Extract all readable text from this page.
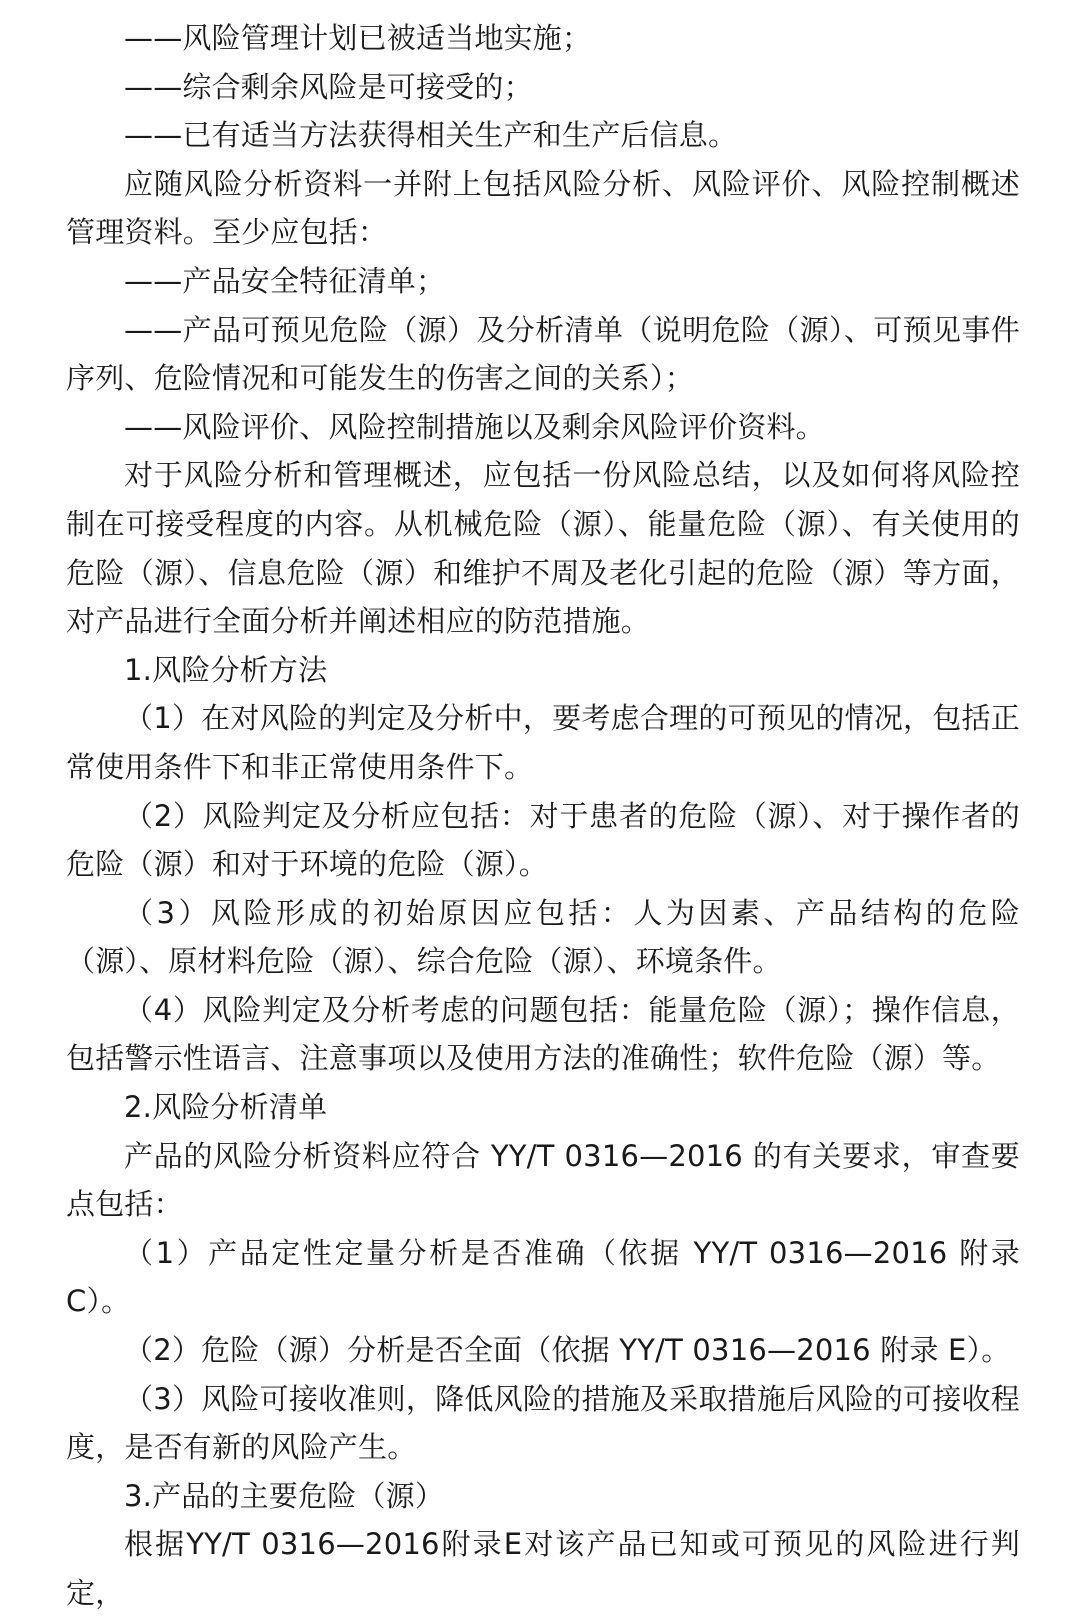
——风险管理计划已被适当地实施；

——综合剩余风险是可接受的；

——已有适当方法获得相关生产和生产后信息。

应随风险分析资料一并附上包括风险分析、风险评价、风险控制概述管理资料。至少应包括：

——产品安全特征清单；

——产品可预见危险（源）及分析清单（说明危险（源）、可预见事件序列、危险情况和可能发生的伤害之间的关系）；

——风险评价、风险控制措施以及剩余风险评价资料。

对于风险分析和管理概述，应包括一份风险总结，以及如何将风险控制在可接受程度的内容。从机械危险（源）、能量危险（源）、有关使用的危险（源）、信息危险（源）和维护不周及老化引起的危险（源）等方面，对产品进行全面分析并阐述相应的防范措施。

1.风险分析方法

（1）在对风险的判定及分析中，要考虑合理的可预见的情况，包括正常使用条件下和非正常使用条件下。

（2）风险判定及分析应包括：对于患者的危险（源）、对于操作者的危险（源）和对于环境的危险（源）。

（3）风险形成的初始原因应包括：人为因素、产品结构的危险（源）、原材料危险（源）、综合危险（源）、环境条件。

（4）风险判定及分析考虑的问题包括：能量危险（源）；操作信息，包括警示性语言、注意事项以及使用方法的准确性；软件危险（源）等。

2.风险分析清单

产品的风险分析资料应符合 YY/T 0316—2016 的有关要求，审查要点包括：

（1）产品定性定量分析是否准确（依据 YY/T 0316—2016 附录 C）。

（2）危险（源）分析是否全面（依据 YY/T 0316—2016 附录 E）。

（3）风险可接收准则，降低风险的措施及采取措施后风险的可接收程度，是否有新的风险产生。

3.产品的主要危险（源）

根据YY/T 0316—2016附录E对该产品已知或可预见的风险进行判定，
